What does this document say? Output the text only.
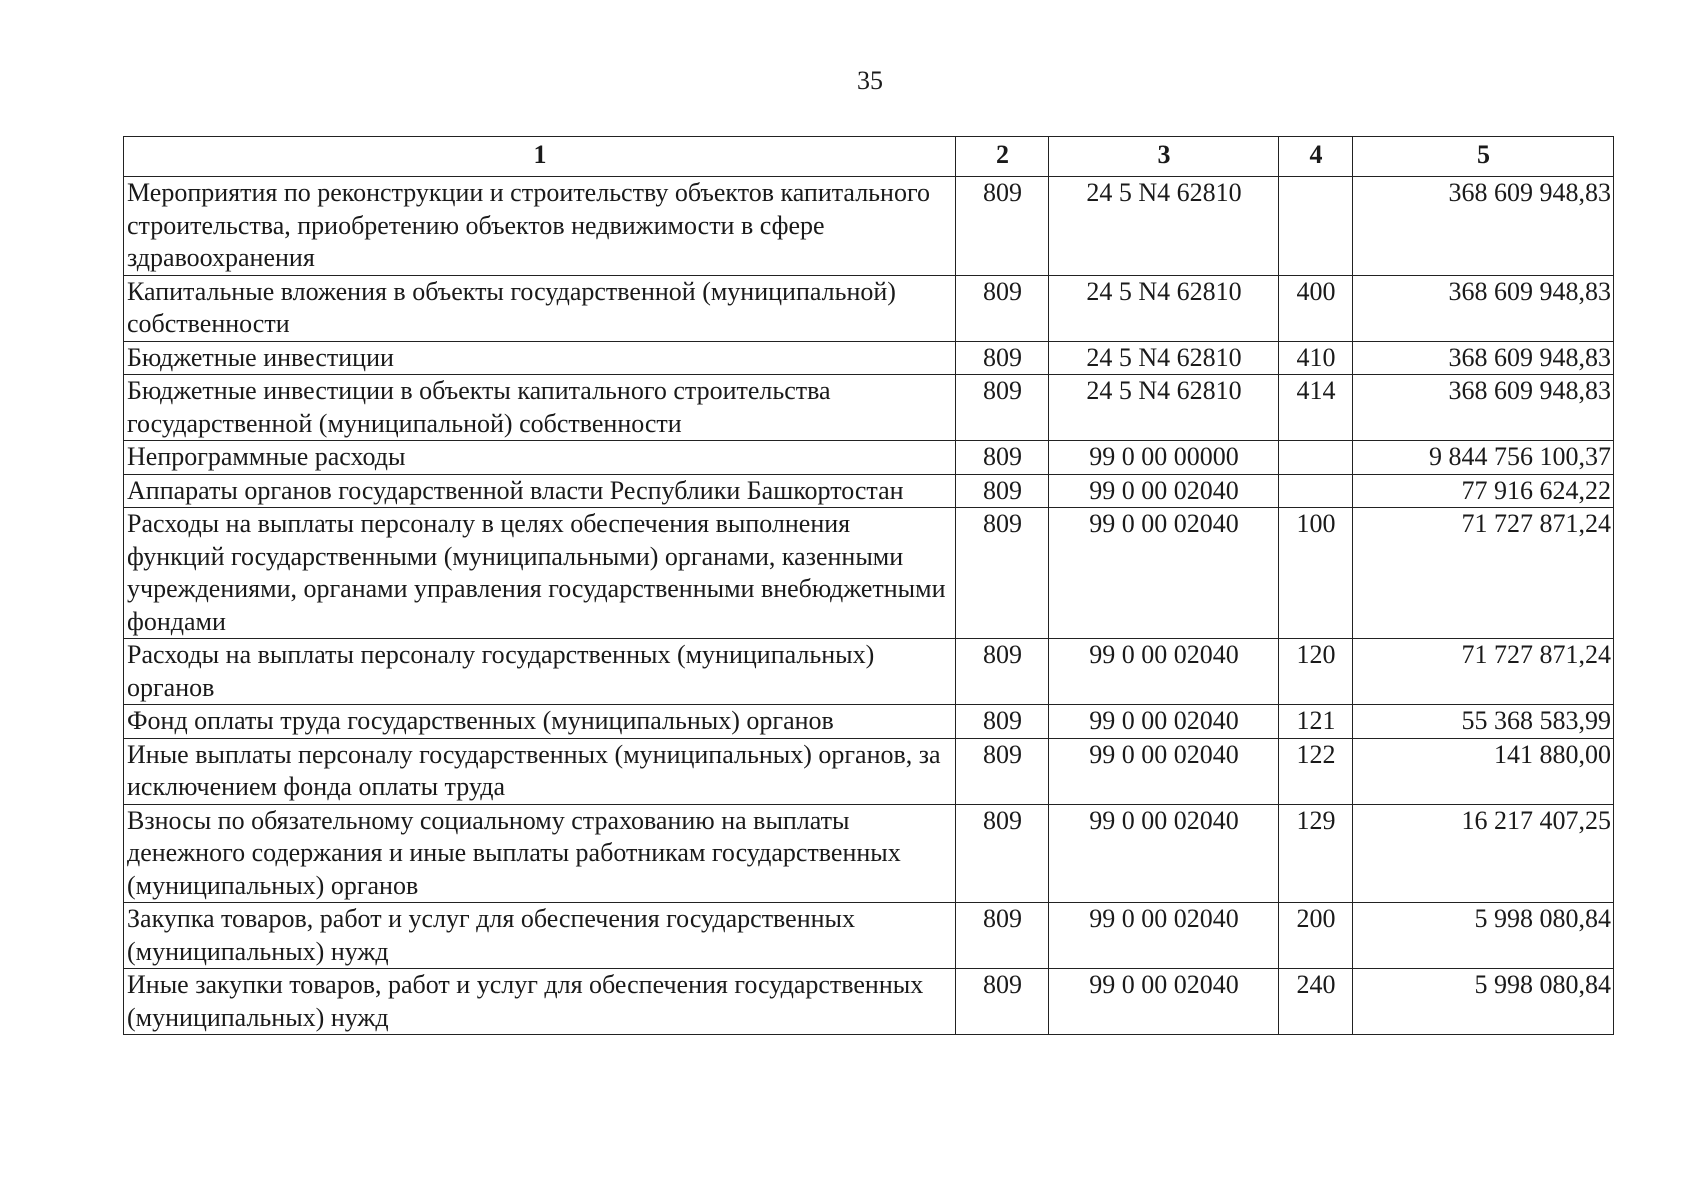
35
1	2	3	4	5
Мероприятия по реконструкции и строительству объектов капитального строительства, приобретению объектов недвижимости в сфере здравоохранения	809	24 5 N4 62810		368 609 948,83
Капитальные вложения в объекты государственной (муниципальной) собственности	809	24 5 N4 62810	400	368 609 948,83
Бюджетные инвестиции	809	24 5 N4 62810	410	368 609 948,83
Бюджетные инвестиции в объекты капитального строительства государственной (муниципальной) собственности	809	24 5 N4 62810	414	368 609 948,83
Непрограммные расходы	809	99 0 00 00000		9 844 756 100,37
Аппараты органов государственной власти Республики Башкортостан	809	99 0 00 02040		77 916 624,22
Расходы на выплаты персоналу в целях обеспечения выполнения функций государственными (муниципальными) органами, казенными учреждениями, органами управления государственными внебюджетными фондами	809	99 0 00 02040	100	71 727 871,24
Расходы на выплаты персоналу государственных (муниципальных) органов	809	99 0 00 02040	120	71 727 871,24
Фонд оплаты труда государственных (муниципальных) органов	809	99 0 00 02040	121	55 368 583,99
Иные выплаты персоналу государственных (муниципальных) органов, за исключением фонда оплаты труда	809	99 0 00 02040	122	141 880,00
Взносы по обязательному социальному страхованию на выплаты денежного содержания и иные выплаты работникам государственных (муниципальных) органов	809	99 0 00 02040	129	16 217 407,25
Закупка товаров, работ и услуг для обеспечения государственных (муниципальных) нужд	809	99 0 00 02040	200	5 998 080,84
Иные закупки товаров, работ и услуг для обеспечения государственных (муниципальных) нужд	809	99 0 00 02040	240	5 998 080,84
